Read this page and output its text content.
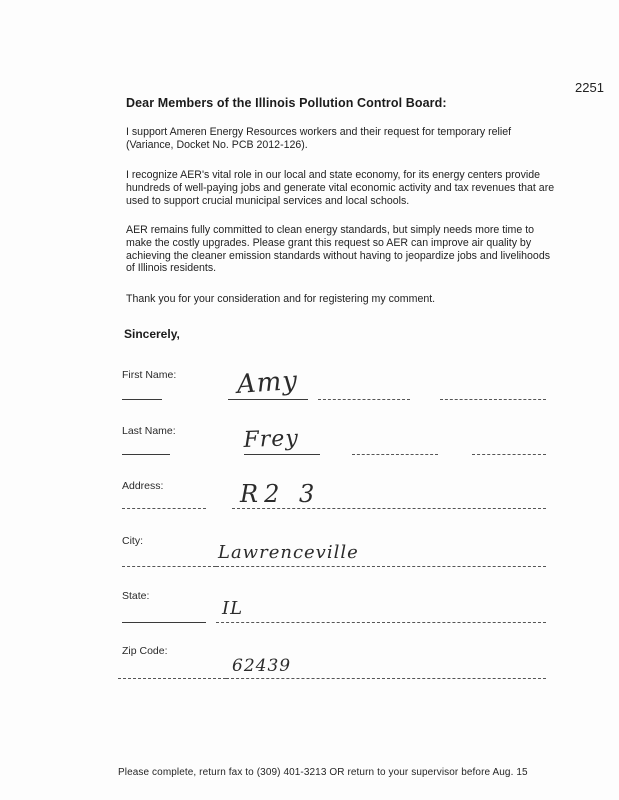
2251
Dear Members of the Illinois Pollution Control Board:
I support Ameren Energy Resources workers and their request for temporary relief (Variance, Docket No. PCB 2012-126).
I recognize AER's vital role in our local and state economy, for its energy centers provide hundreds of well-paying jobs and generate vital economic activity and tax revenues that are used to support crucial municipal services and local schools.
AER remains fully committed to clean energy standards, but simply needs more time to make the costly upgrades. Please grant this request so AER can improve air quality by achieving the cleaner emission standards without having to jeopardize jobs and livelihoods of Illinois residents.
Thank you for your consideration and for registering my comment.
Sincerely,
First Name: Amy
Last Name:	Frey
Address:	R2 3
City:
Lawrenceville
State:
IL
Zip Code:
62439
Please complete, return fax to (309) 401-3213 OR return to your supervisor before Aug. 15
